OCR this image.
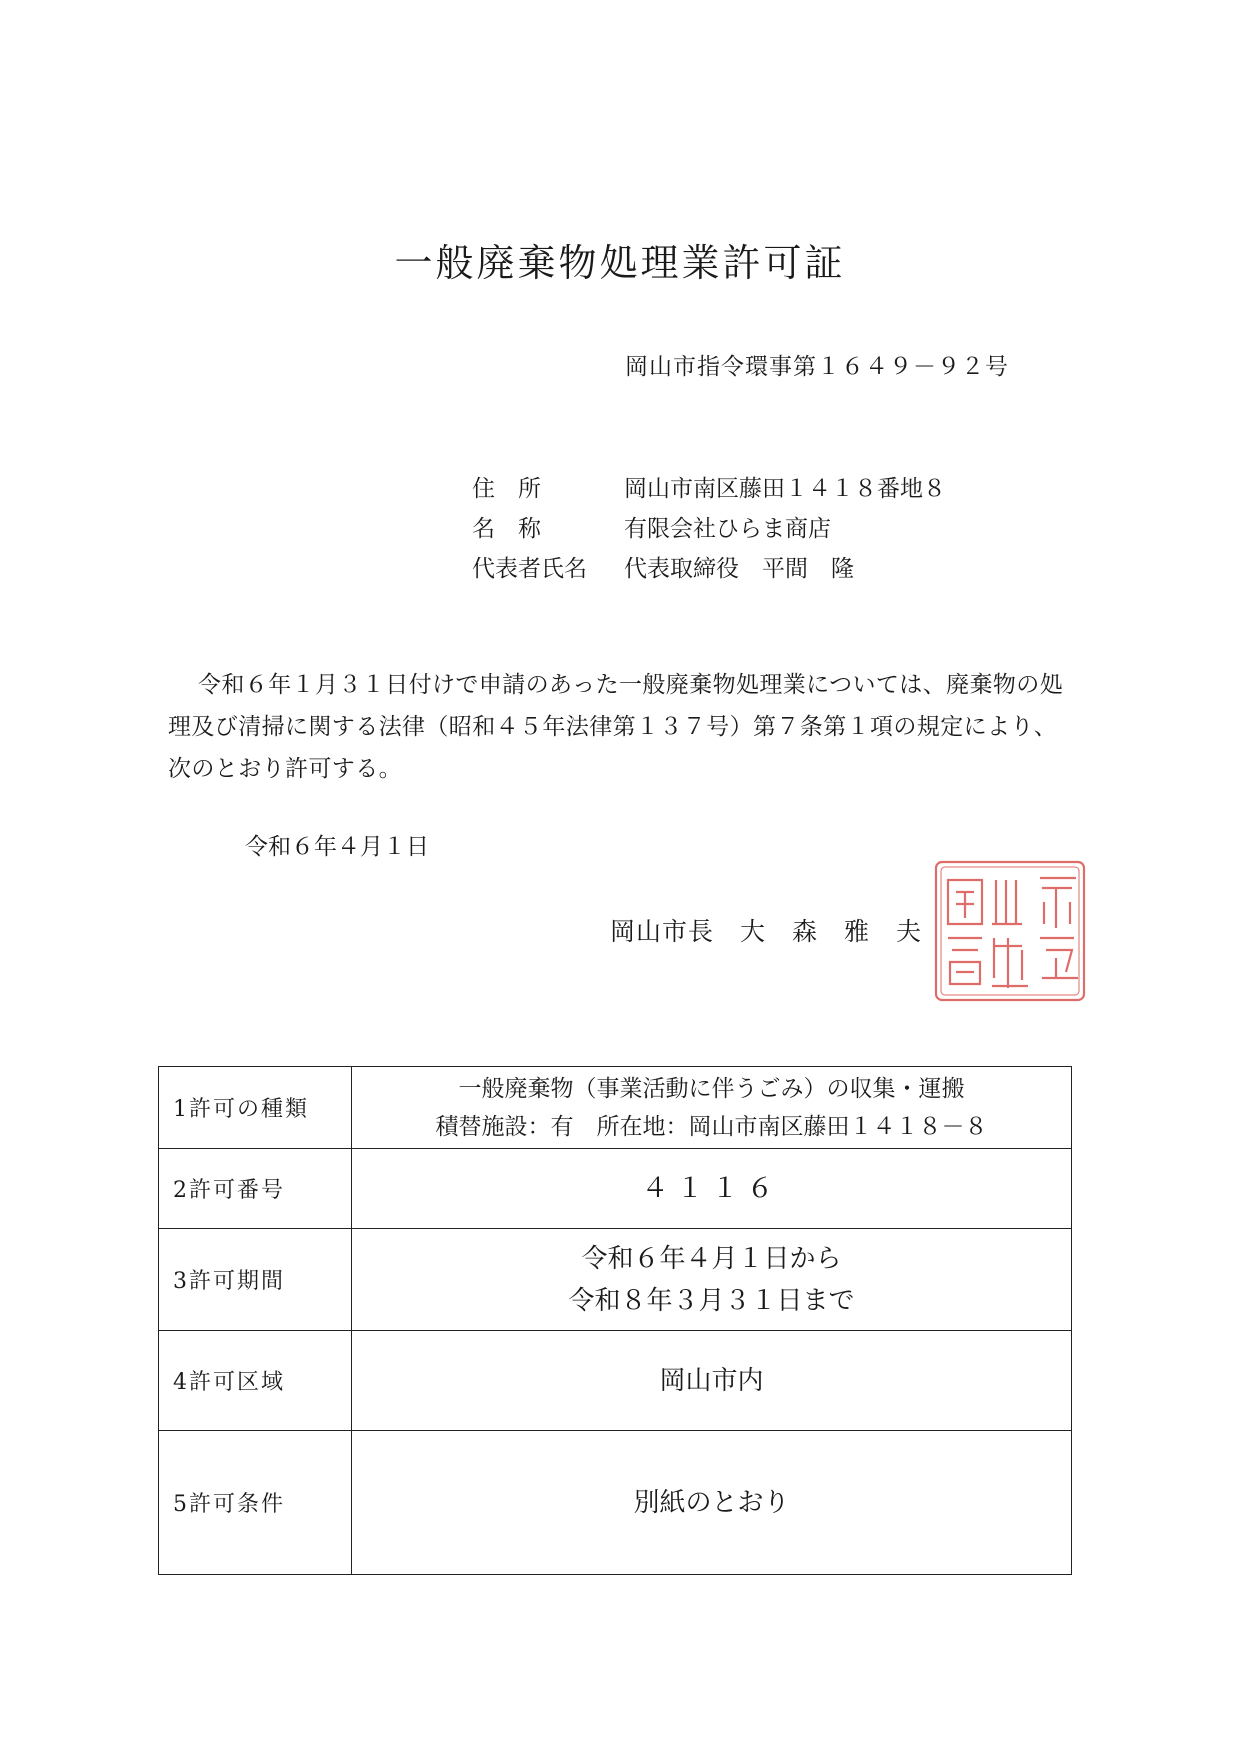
一般廃棄物処理業許可証
岡山市指令環事第１６４９－９２号
住　所	岡山市南区藤田１４１８番地８
名　称	有限会社ひらま商店
代表者氏名 代表取締役　平間　隆
令和６年１月３１日付けで申請のあった一般廃棄物処理業については、廃棄物の処理及び清掃に関する法律（昭和４５年法律第１３７号）第７条第１項の規定により、次のとおり許可する。
令和６年４月１日
岡山市長　大　森　雅　夫
1許可の種類	一般廃棄物（事業活動に伴うごみ）の収集・運搬
積替施設：有　所在地：岡山市南区藤田１４１８－８

2許可番号	４１１６

3許可期間	令和６年４月１日から
令和８年３月３１日まで

4許可区域	岡山市内

5許可条件	別紙のとおり
